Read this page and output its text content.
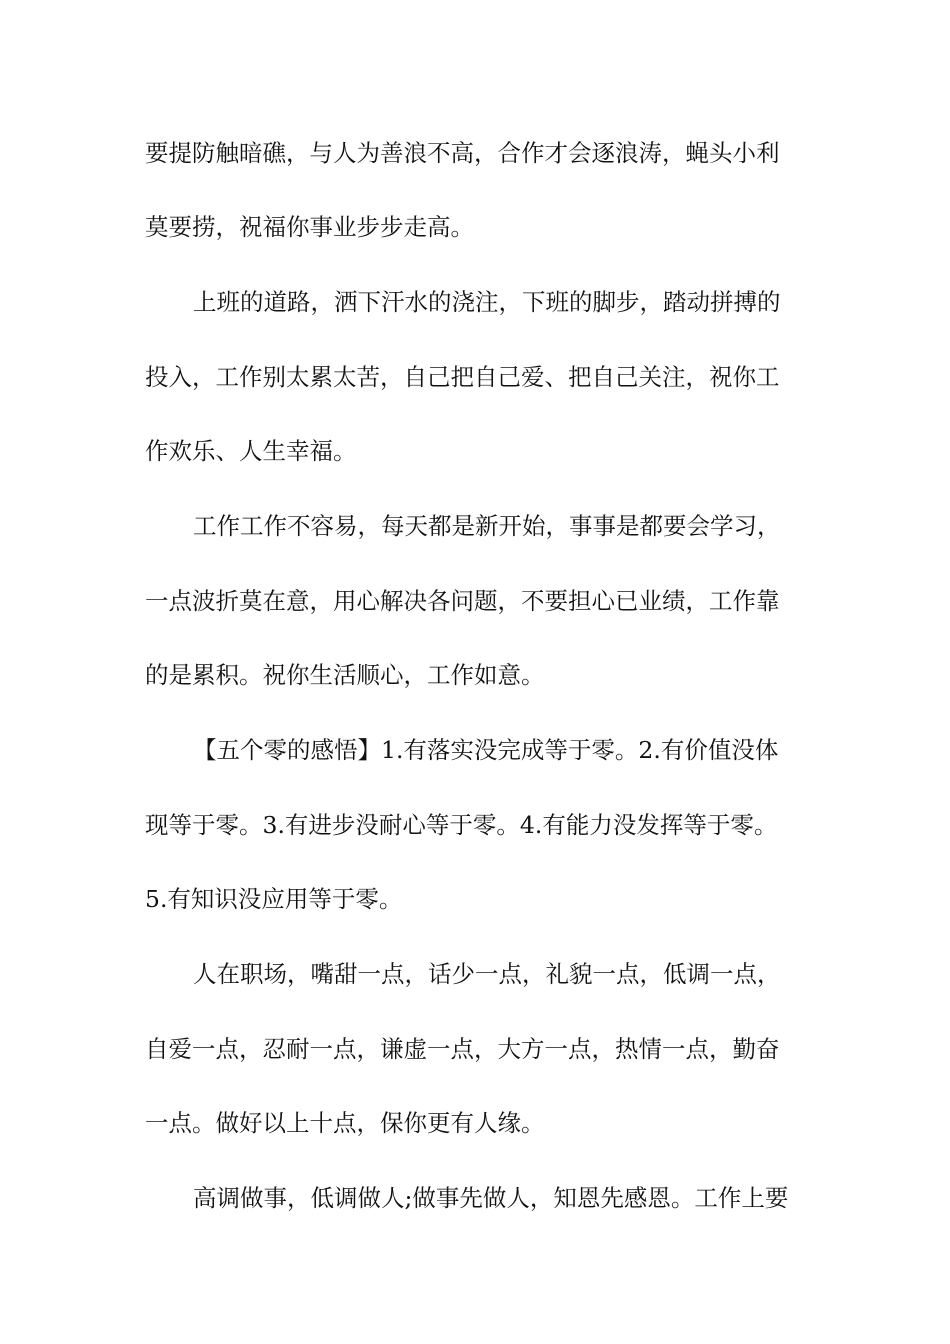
要提防触暗礁，与人为善浪不高，合作才会逐浪涛，蝇头小利
莫要捞，祝福你事业步步走高。
上班的道路，洒下汗水的浇注，下班的脚步，踏动拼搏的
投入，工作别太累太苦，自己把自己爱、把自己关注，祝你工
作欢乐、人生幸福。
工作工作不容易，每天都是新开始，事事是都要会学习，
一点波折莫在意，用心解决各问题，不要担心已业绩，工作靠
的是累积。祝你生活顺心，工作如意。
【五个零的感悟】1.有落实没完成等于零。2.有价值没体
现等于零。3.有进步没耐心等于零。4.有能力没发挥等于零。
5.有知识没应用等于零。
人在职场，嘴甜一点，话少一点，礼貌一点，低调一点，
自爱一点，忍耐一点，谦虚一点，大方一点，热情一点，勤奋
一点。做好以上十点，保你更有人缘。
高调做事，低调做人;做事先做人，知恩先感恩。工作上要
